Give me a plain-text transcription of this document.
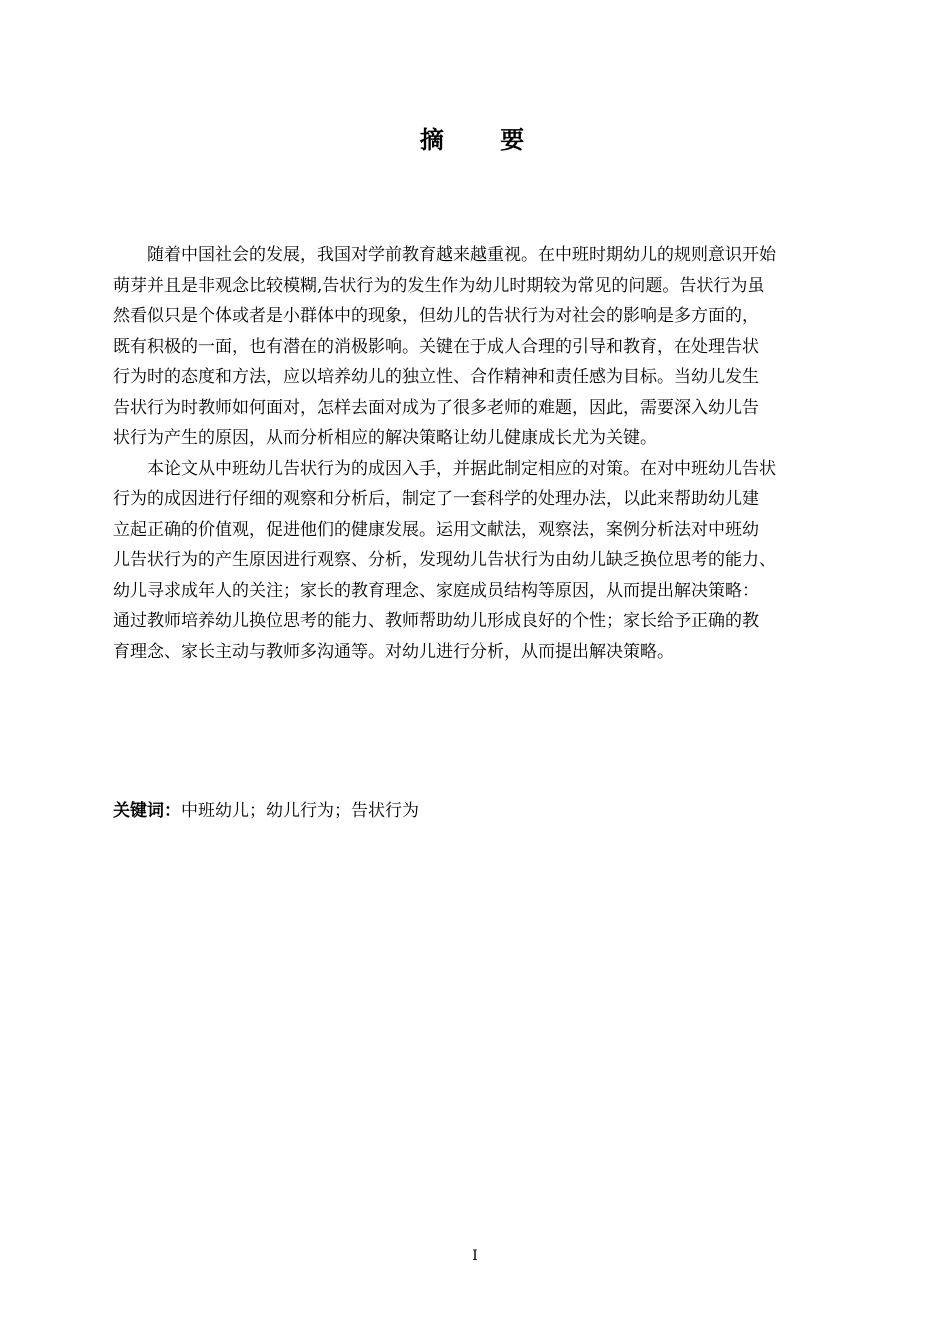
摘 要
随着中国社会的发展，我国对学前教育越来越重视。在中班时期幼儿的规则意识开始
萌芽并且是非观念比较模糊,告状行为的发生作为幼儿时期较为常见的问题。告状行为虽
然看似只是个体或者是小群体中的现象，但幼儿的告状行为对社会的影响是多方面的，
既有积极的一面，也有潜在的消极影响。关键在于成人合理的引导和教育，在处理告状
行为时的态度和方法，应以培养幼儿的独立性、合作精神和责任感为目标。当幼儿发生
告状行为时教师如何面对，怎样去面对成为了很多老师的难题，因此，需要深入幼儿告
状行为产生的原因，从而分析相应的解决策略让幼儿健康成长尤为关键。
本论文从中班幼儿告状行为的成因入手，并据此制定相应的对策。在对中班幼儿告状
行为的成因进行仔细的观察和分析后，制定了一套科学的处理办法，以此来帮助幼儿建
立起正确的价值观，促进他们的健康发展。运用文献法，观察法，案例分析法对中班幼
儿告状行为的产生原因进行观察、分析，发现幼儿告状行为由幼儿缺乏换位思考的能力、
幼儿寻求成年人的关注；家长的教育理念、家庭成员结构等原因，从而提出解决策略：
通过教师培养幼儿换位思考的能力、教师帮助幼儿形成良好的个性；家长给予正确的教
育理念、家长主动与教师多沟通等。对幼儿进行分析，从而提出解决策略。
关键词：中班幼儿；幼儿行为；告状行为
I
